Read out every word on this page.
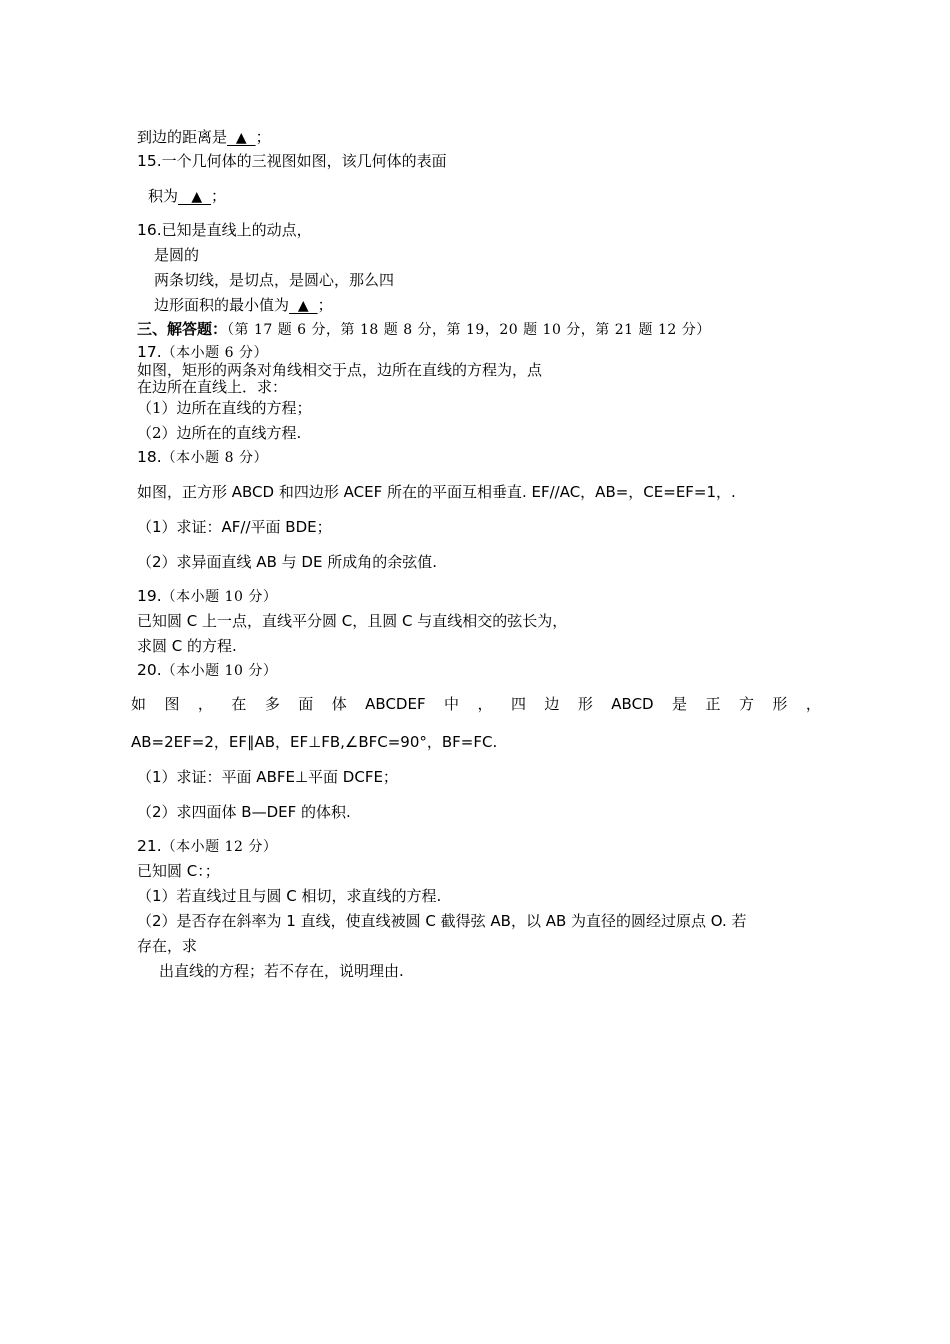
到边的距离是  ▲  ；
15.一个几何体的三视图如图，该几何体的表面
积为   ▲  ；
16.已知是直线上的动点，
是圆的
两条切线，是切点，是圆心，那么四
边形面积的最小值为  ▲  ；
三、解答题：（第 17 题 6 分，第 18 题 8 分，第 19，20 题 10 分，第 21 题 12 分）
17.（本小题 6 分）
如图，矩形的两条对角线相交于点，边所在直线的方程为，点
在边所在直线上．求：
（1）边所在直线的方程；
（2）边所在的直线方程.
18.（本小题 8 分）
如图，正方形 ABCD 和四边形 ACEF 所在的平面互相垂直. EF//AC，AB=，CE=EF=1，.
（1）求证：AF//平面 BDE；
（2）求异面直线 AB 与 DE 所成角的余弦值.
19.（本小题 10 分）
已知圆 C 上一点，直线平分圆 C，且圆 C 与直线相交的弦长为，
求圆 C 的方程.
20.（本小题 10 分）
如 图 ， 在 多 面 体 ABCDEF 中 ， 四 边 形 ABCD 是 正 方 形 ，
AB=2EF=2，EF∥AB，EF⊥FB,∠BFC=90°，BF=FC.
（1）求证：平面 ABFE⊥平面 DCFE；
（2）求四面体 B—DEF 的体积.
21.（本小题 12 分）
已知圆 C：；
（1）若直线过且与圆 C 相切，求直线的方程.
（2）是否存在斜率为 1 直线，使直线被圆 C 截得弦 AB，以 AB 为直径的圆经过原点 O. 若
存在，求
出直线的方程；若不存在，说明理由.
